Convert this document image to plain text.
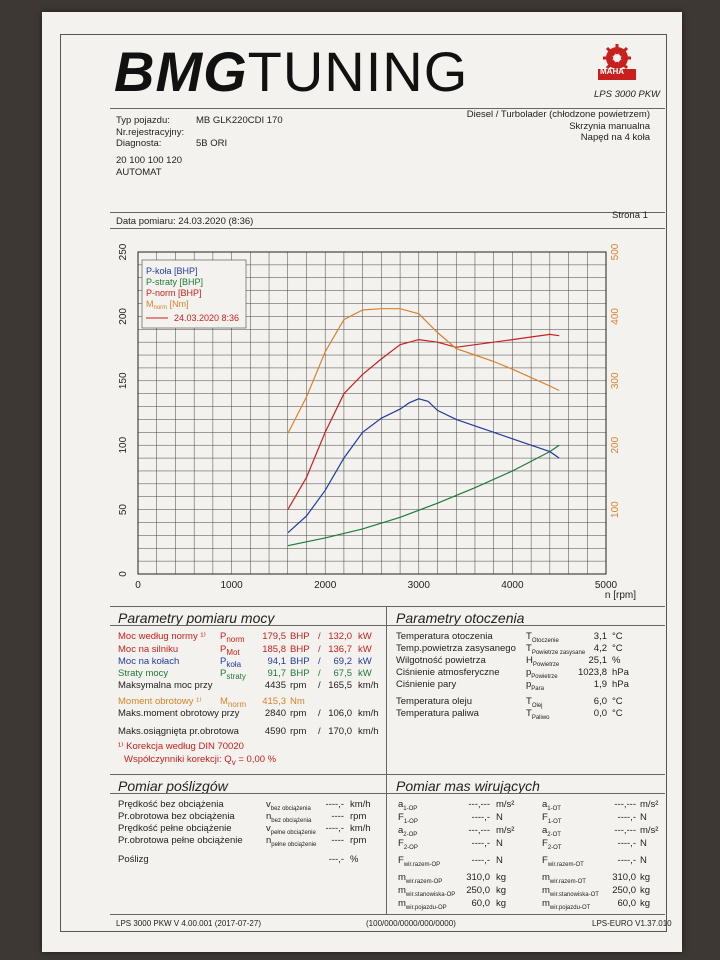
BMGTUNING	MAHA
LPS 3000 PKW
Typ pojazdu:	MB GLK220CDI 170
Nr.rejestracyjny:
Diagnosta:	5B ORI
Diesel / Turbolader (chłodzone powietrzem)
Skrzynia manualna
Napęd na 4 koła
20 100 100 120
AUTOMAT
Data pomiaru: 24.03.2020 (8:36)
Strona 1
0	1000	2000	3000	4000	5000
0
50
100
150
200
250
100
200
300
400
500
n [rpm]
P-koła [BHP]
P-straty [BHP]
P-norm [BHP]
$M_{norm}$ [Nm]
24.03.2020 8:36
Parametry pomiaru mocy	Parametry otoczenia
Moc według normy ¹⁾ $P_{norm}$ 179,5 BHP / 132,0 kW
Moc na silniku	$P_{Mot}$ 185,8 BHP / 136,7 kW
Moc na kołach	$P_{koła}$	94,1 BHP / 69,2 kW
Straty mocy	$P_{straty}$ 91,7 BHP / 67,5 kW
Maksymalna moc przy	4435 rpm / 165,5 km/h
Moment obrotowy ¹⁾ $M_{norm}$ 415,3 Nm
Maks.moment obrotowy przy	2840 rpm / 106,0 km/h
Maks.osiągnięta pr.obrotowa	4590 rpm / 170,0 km/h
Temperatura otoczenia	$T_{Otoczenie}$	3,1 °C
Temp.powietrza zasysanego $T_{Powietrze zasysane}$ 4,2 °C
Wilgotność powietrza	$H_{Powietrze}$	25,1 %
Ciśnienie atmosferyczne	$p_{Powietrze}$ 1023,8 hPa
Ciśnienie pary	$p_{Para}$	1,9 hPa
Temperatura oleju	$T_{Olej}$	6,0 °C
Temperatura paliwa	$T_{Paliwo}$	0,0 °C
¹⁾ Korekcja według DIN 70020
Współczynniki korekcji: $Q_v = 0,00$ %
Pomiar poślizgów	Pomiar mas wirujących
Prędkość bez obciążenia	$v_{bez obciążenia}$ ----,- km/h
Pr.obrotowa bez obciążenia	$n_{bez obciążenia}$ ---- rpm
Prędkość pełne obciążenie	$v_{pełne obciążenie}$ ----,- km/h
Pr.obrotowa pełne obciążenie $n_{pełne obciążenie}$ ---- rpm
Poślizg	---,- %
$a_{1-OP}$	---,--- m/s²	$a_{1-OT}$	---,--- m/s²
$F_{1-OP}$	----,- N	$F_{1-OT}$	----,- N
$a_{2-OP}$	---,--- m/s²	$a_{2-OT}$	---,--- m/s²
$F_{2-OP}$	----,- N	$F_{2-OT}$	----,- N
$F_{wir.razem-OP}$	----,- N	$F_{wir.razem-OT}$	----,- N
$m_{wir.razem-OP}$	310,0 kg	$m_{wir.razem-OT}$	310,0 kg
$m_{wir.stanowiska-OP}$ 250,0 kg	$m_{wir.stanowiska-OT}$ 250,0 kg
$m_{wir.pojazdu-OP}$	60,0 kg	$m_{wir.pojazdu-OT}$	60,0 kg
LPS 3000 PKW V 4.00.001 (2017-07-27)	(100/000/0000/000/0000)	LPS-EURO V1.37.010
